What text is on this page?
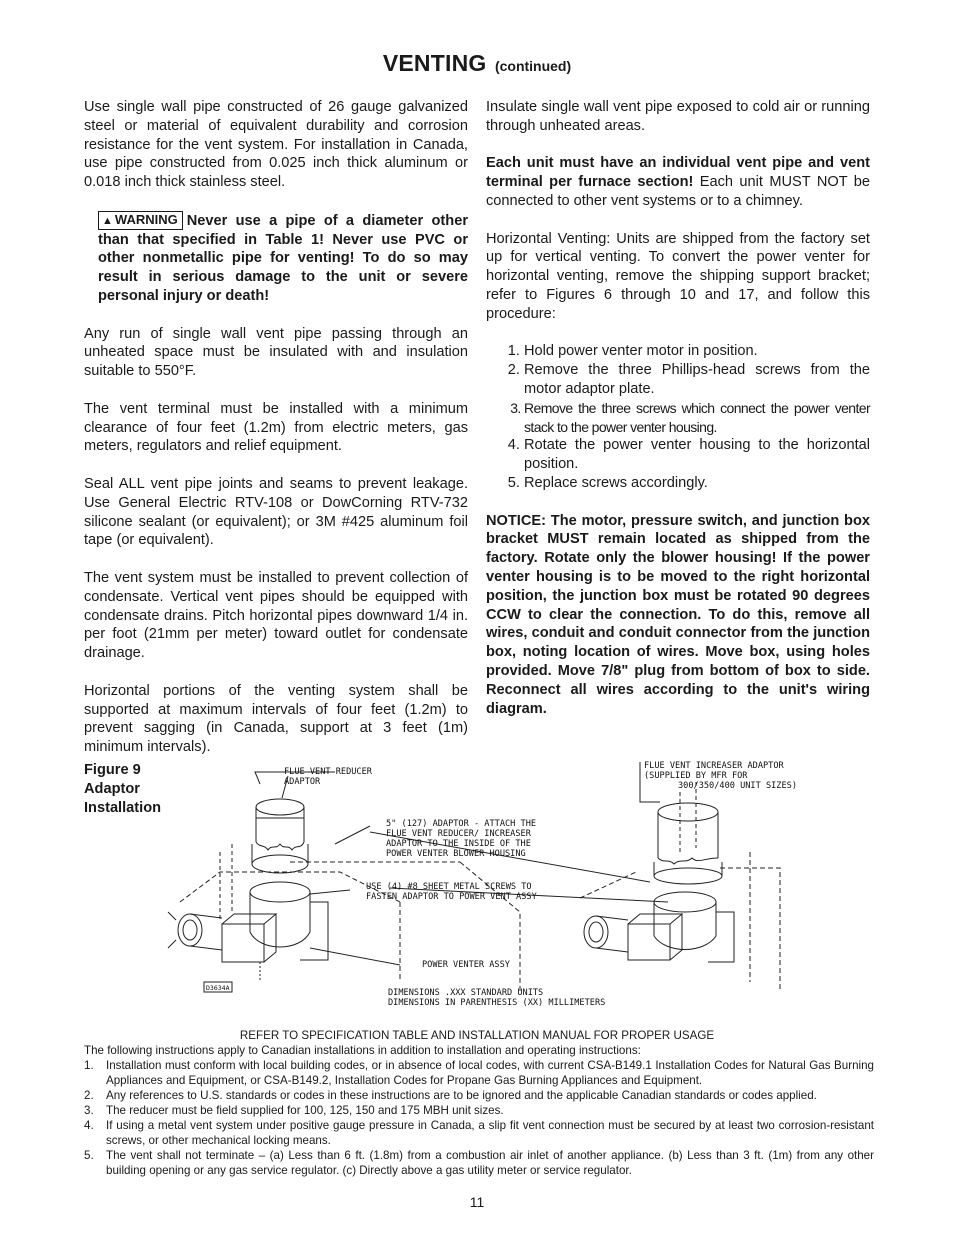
VENTING (continued)

Use single wall pipe constructed of 26 gauge galvanized steel or material of equivalent durability and corrosion resistance for the vent system. For installation in Canada, use pipe constructed from 0.025 inch thick aluminum or 0.018 inch thick stainless steel.

▲ WARNING Never use a pipe of a diameter other than that specified in Table 1! Never use PVC or other nonmetallic pipe for venting! To do so may result in serious damage to the unit or severe personal injury or death!

Any run of single wall vent pipe passing through an unheated space must be insulated with and insulation suitable to 550°F.

The vent terminal must be installed with a minimum clearance of four feet (1.2m) from electric meters, gas meters, regulators and relief equipment.

Seal ALL vent pipe joints and seams to prevent leakage. Use General Electric RTV-108 or DowCorning RTV-732 silicone sealant (or equivalent); or 3M #425 aluminum foil tape (or equivalent).

The vent system must be installed to prevent collection of condensate. Vertical vent pipes should be equipped with condensate drains. Pitch horizontal pipes downward 1/4 in. per foot (21mm per meter) toward outlet for condensate drainage.

Horizontal portions of the venting system shall be supported at maximum intervals of four feet (1.2m) to prevent sagging (in Canada, support at 3 feet (1m) minimum intervals).

Insulate single wall vent pipe exposed to cold air or running through unheated areas.

Each unit must have an individual vent pipe and vent terminal per furnace section! Each unit MUST NOT be connected to other vent systems or to a chimney.

Horizontal Venting: Units are shipped from the factory set up for vertical venting. To convert the power venter for horizontal venting, remove the shipping support bracket; refer to Figures 6 through 10 and 17, and follow this procedure:

1. Hold power venter motor in position.
2. Remove the three Phillips-head screws from the motor adaptor plate.
3. Remove the three screws which connect the power venter stack to the power venter housing.
4. Rotate the power venter housing to the horizontal position.
5. Replace screws accordingly.

NOTICE: The motor, pressure switch, and junction box bracket MUST remain located as shipped from the factory. Rotate only the blower housing! If the power venter housing is to be moved to the right horizontal position, the junction box must be rotated 90 degrees CCW to clear the connection. To do this, remove all wires, conduit and conduit connector from the junction box, noting location of wires. Move box, using holes provided. Move 7/8" plug from bottom of box to side. Reconnect all wires according to the unit's wiring diagram.

Figure 9
Adaptor
Installation
FLUE VENT REDUCER
ADAPTOR
FLUE VENT INCREASER ADAPTOR
(SUPPLIED BY MFR FOR
300/350/400 UNIT SIZES)
5" (127) ADAPTOR - ATTACH THE
FLUE VENT REDUCER/ INCREASER
ADAPTOR TO THE INSIDE OF THE
POWER VENTER BLOWER HOUSING
USE (4) #8 SHEET METAL SCREWS TO
FASTEN ADAPTOR TO POWER VENT ASSY
POWER VENTER ASSY
DIMENSIONS .XXX STANDARD UNITS
DIMENSIONS IN PARENTHESIS (XX) MILLIMETERS
D3634A
REFER TO SPECIFICATION TABLE AND INSTALLATION MANUAL FOR PROPER USAGE

The following instructions apply to Canadian installations in addition to installation and operating instructions:

1. Installation must conform with local building codes, or in absence of local codes, with current CSA-B149.1 Installation Codes for Natural Gas Burning Appliances and Equipment, or CSA-B149.2, Installation Codes for Propane Gas Burning Appliances and Equipment.
2. Any references to U.S. standards or codes in these instructions are to be ignored and the applicable Canadian standards or codes applied.
3. The reducer must be field supplied for 100, 125, 150 and 175 MBH unit sizes.
4. If using a metal vent system under positive gauge pressure in Canada, a slip fit vent connection must be secured by at least two corrosion-resistant screws, or other mechanical locking means.
5. The vent shall not terminate – (a) Less than 6 ft. (1.8m) from a combustion air inlet of another appliance. (b) Less than 3 ft. (1m) from any other building opening or any gas service regulator. (c) Directly above a gas utility meter or service regulator.
11
